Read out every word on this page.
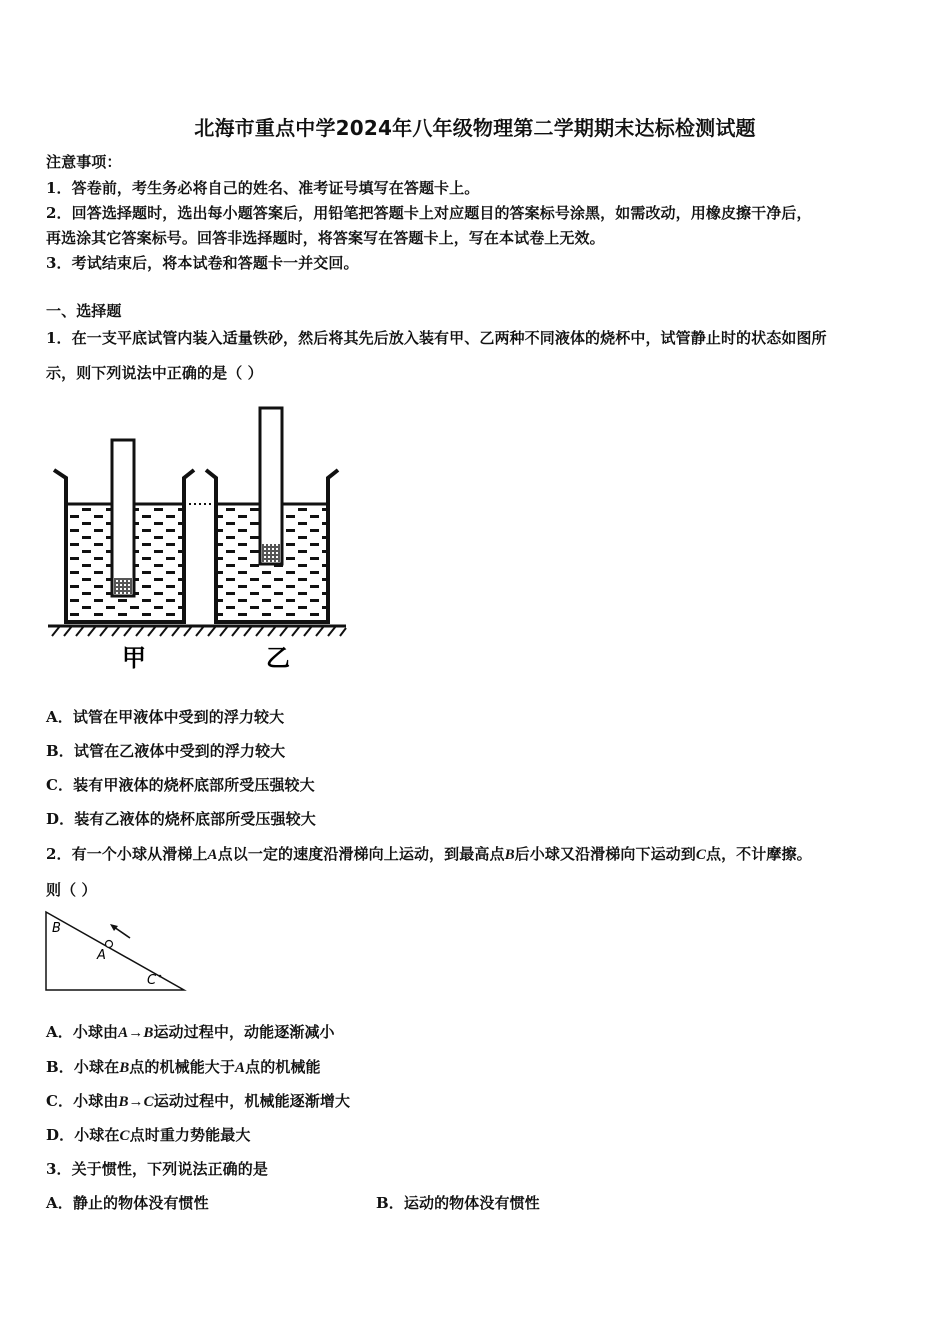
北海市重点中学2024年八年级物理第二学期期末达标检测试题
注意事项：
1．答卷前，考生务必将自己的姓名、准考证号填写在答题卡上。
2．回答选择题时，选出每小题答案后，用铅笔把答题卡上对应题目的答案标号涂黑，如需改动，用橡皮擦干净后，
再选涂其它答案标号。回答非选择题时，将答案写在答题卡上，写在本试卷上无效。
3．考试结束后，将本试卷和答题卡一并交回。
一、选择题
1．在一支平底试管内装入适量铁砂，然后将其先后放入装有甲、乙两种不同液体的烧杯中，试管静止时的状态如图所
示，则下列说法中正确的是（ ）
甲	乙
A．试管在甲液体中受到的浮力较大
B．试管在乙液体中受到的浮力较大
C．装有甲液体的烧杯底部所受压强较大
D．装有乙液体的烧杯底部所受压强较大
2．有一个小球从滑梯上A点以一定的速度沿滑梯向上运动，到最高点B后小球又沿滑梯向下运动到C点，不计摩擦。
则（ ）
B
A
C
A．小球由A→B运动过程中，动能逐渐减小
B．小球在B点的机械能大于A点的机械能
C．小球由B→C运动过程中，机械能逐渐增大
D．小球在C点时重力势能最大
3．关于惯性，下列说法正确的是
A．静止的物体没有惯性	B．运动的物体没有惯性
